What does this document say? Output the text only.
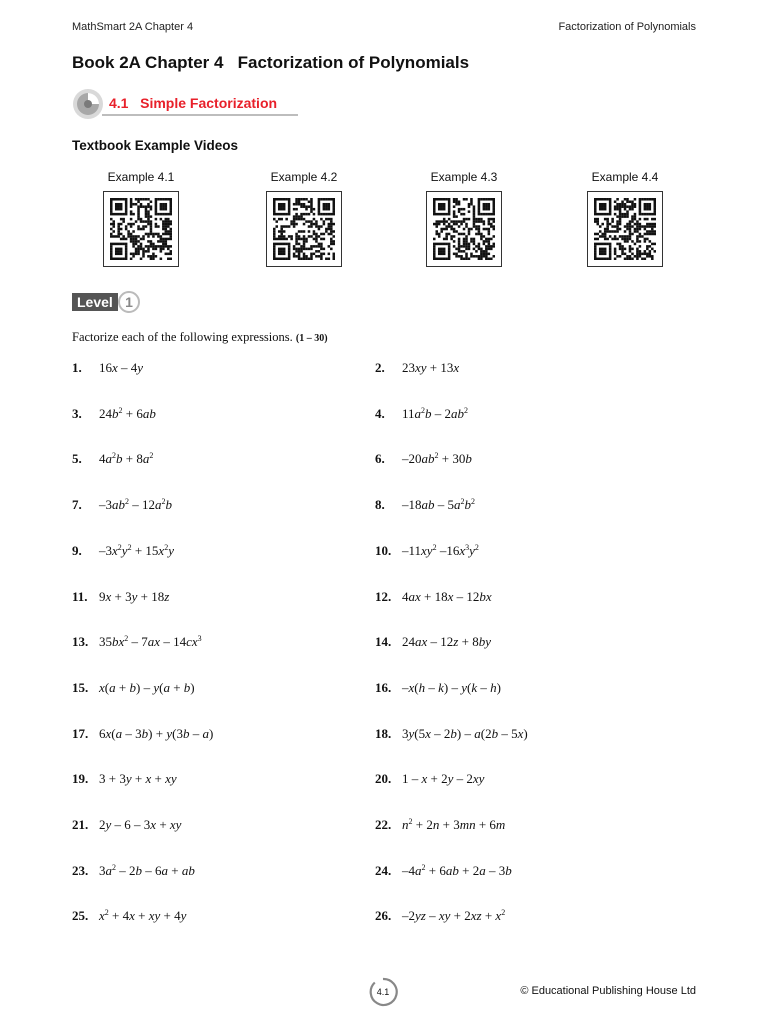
MathSmart 2A Chapter 4	Factorization of Polynomials
Book 2A Chapter 4   Factorization of Polynomials
4.1   Simple Factorization
Textbook Example Videos
Example 4.1	Example 4.2	Example 4.3	Example 4.4
Level 1
Factorize each of the following expressions. (1 – 30)
1. 16x – 4y	2. 23xy + 13x
3. $24b^2 + 6ab$	4. $11a^2b - 2ab^2$
5. $4a^2b + 8a^2$	6. $-20ab^2 + 30b$
7. $-3ab^2 - 12a^2b$	8. $-18ab - 5a^2b^2$
9. $-3x^2y^2 + 15x^2y$	10. $-11xy^2$ $-16x^3y^2$
11. 9x + 3y + 18z	12. 4ax + 18x – 12bx
13. $35bx^2 - 7ax - 14cx^3$	14. 24ax – 12z + 8by
15. x(a + b) – y(a + b)	16. –x(h – k) – y(k – h)
17. 6x(a – 3b) + y(3b – a)	18. 3y(5x – 2b) – a(2b – 5x)
19. 3 + 3y + x + xy	20. 1 – x + 2y – 2xy
21. 2y – 6 – 3x + xy	22. $n^2 + 2n + 3mn + 6m$
23. $3a^2 - 2b - 6a$ + ab	24. $-4a^2 + 6ab + 2a - 3b$
25. $x^2 + 4x$ + xy + 4y	26. –2yz – xy + $2xz + x^2$
4.1	© Educational Publishing House Ltd
